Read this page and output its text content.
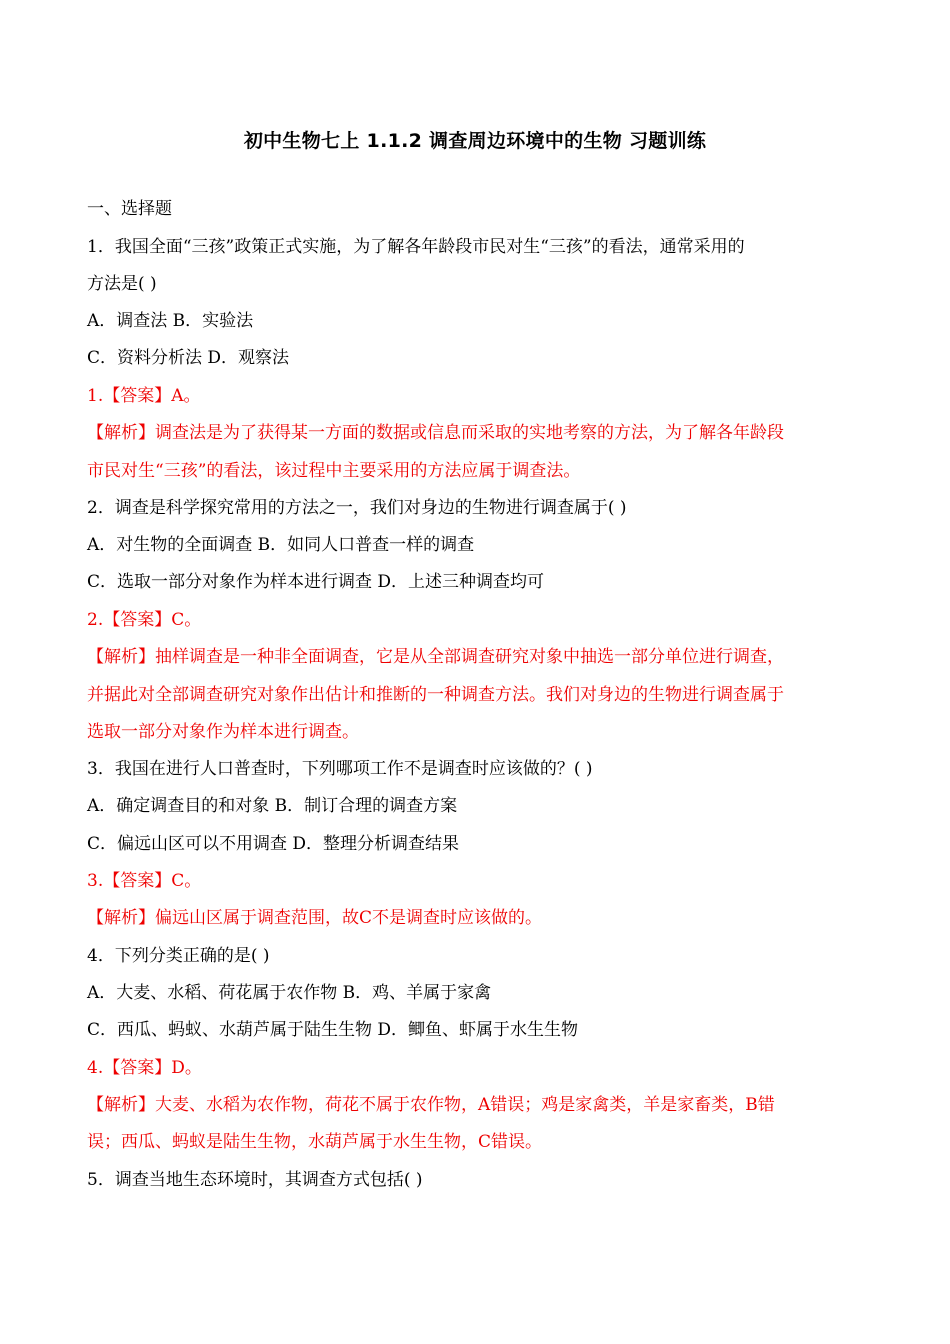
初中生物七上 1.1.2 调查周边环境中的生物 习题训练
一、选择题
1．我国全面“三孩”政策正式实施，为了解各年龄段市民对生“三孩”的看法，通常采用的
方法是( )
A．调查法 B．实验法
C．资料分析法 D．观察法
1.【答案】A。
【解析】调查法是为了获得某一方面的数据或信息而采取的实地考察的方法，为了解各年龄段
市民对生“三孩”的看法，该过程中主要采用的方法应属于调查法。
2．调查是科学探究常用的方法之一，我们对身边的生物进行调查属于( )
A．对生物的全面调查 B．如同人口普查一样的调查
C．选取一部分对象作为样本进行调查 D．上述三种调查均可
2.【答案】C。
【解析】抽样调查是一种非全面调查，它是从全部调查研究对象中抽选一部分单位进行调查，
并据此对全部调查研究对象作出估计和推断的一种调查方法。我们对身边的生物进行调查属于
选取一部分对象作为样本进行调查。
3．我国在进行人口普查时，下列哪项工作不是调查时应该做的？( )
A．确定调查目的和对象 B．制订合理的调查方案
C．偏远山区可以不用调查 D．整理分析调查结果
3.【答案】C。
【解析】偏远山区属于调查范围，故C不是调查时应该做的。
4．下列分类正确的是( )
A．大麦、水稻、荷花属于农作物 B．鸡、羊属于家禽
C．西瓜、蚂蚁、水葫芦属于陆生生物 D．鲫鱼、虾属于水生生物
4.【答案】D。
【解析】大麦、水稻为农作物，荷花不属于农作物，A错误；鸡是家禽类，羊是家畜类，B错
误；西瓜、蚂蚁是陆生生物，水葫芦属于水生生物，C错误。
5．调查当地生态环境时，其调查方式包括( )
